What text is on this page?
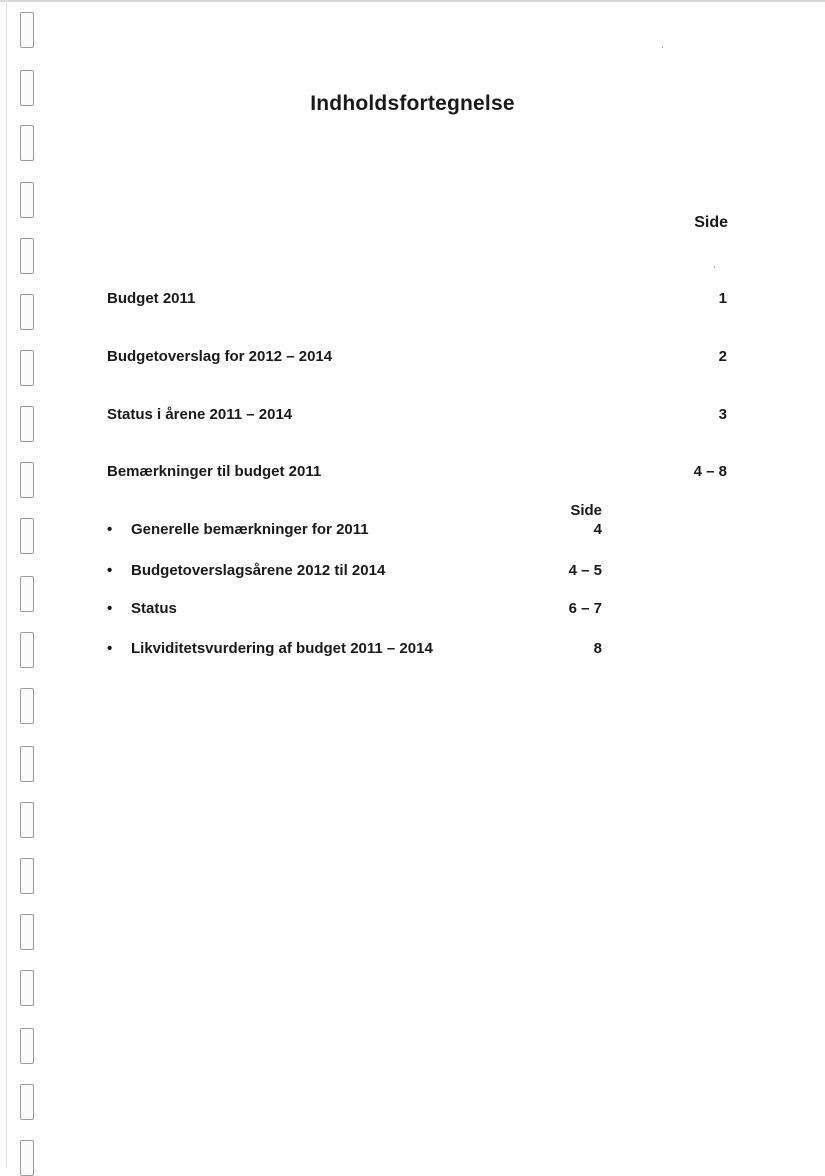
Indholdsfortegnelse
Side
Budget 2011	1
Budgetoverslag for 2012 – 2014	2
Status i årene 2011 – 2014	3
Bemærkninger til budget 2011	4 – 8
Side
• Generelle bemærkninger for 2011	4
• Budgetoverslagsårene 2012 til 2014	4 – 5
• Status	6 – 7
• Likviditetsvurdering af budget 2011 – 2014	8
